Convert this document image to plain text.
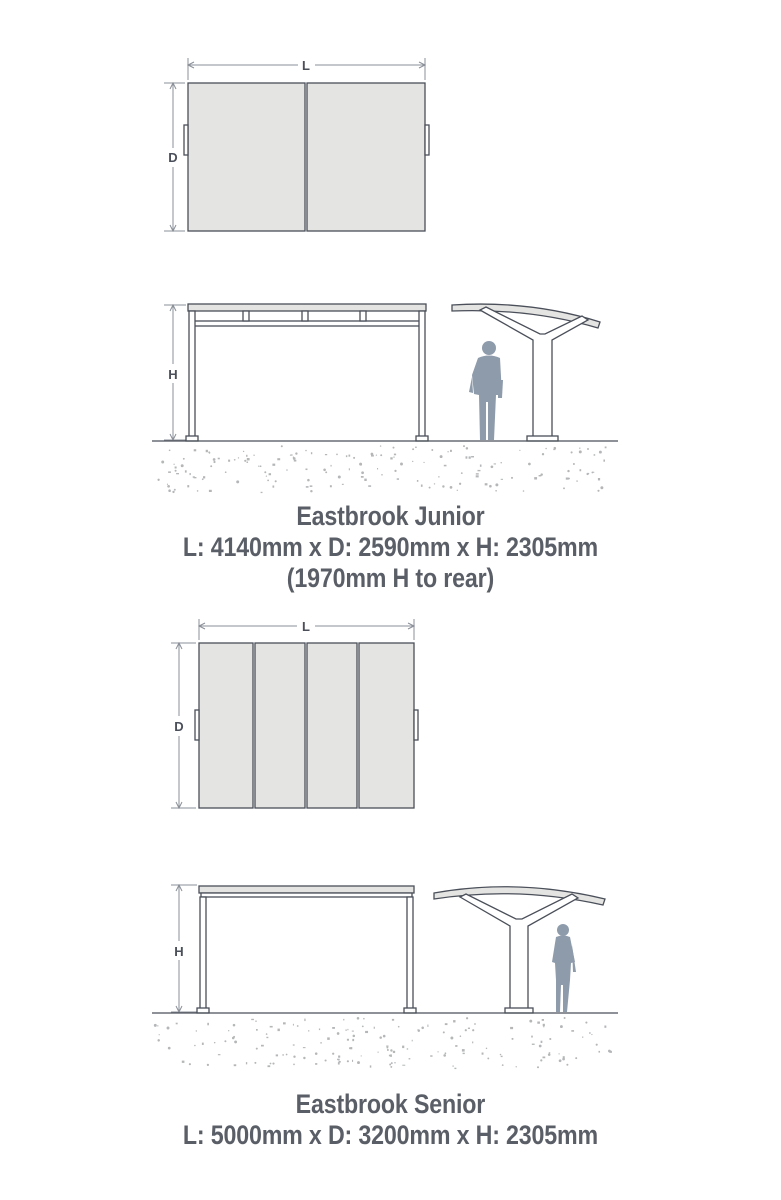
L
D
H
L
D
H
Eastbrook Junior
L: 4140mm x D: 2590mm x H: 2305mm
(1970mm H to rear)
Eastbrook Senior
L: 5000mm x D: 3200mm x H: 2305mm
